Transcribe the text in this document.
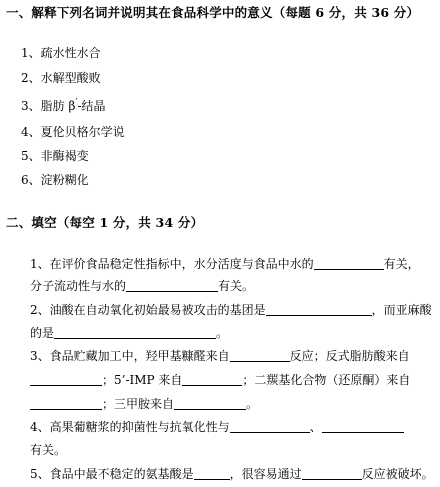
一、解释下列名词并说明其在食品科学中的意义（每题 6 分，共 36 分）
1、疏水性水合
2、水解型酸败
3、脂肪 β′-结晶
4、夏伦贝格尔学说
5、非酶褐变
6、淀粉糊化
二、填空（每空 1 分，共 34 分）
1、在评价食品稳定性指标中，水分活度与食品中水的	有关，
分子流动性与水的	有关。
2、油酸在自动氧化初始最易被攻击的基团是	，而亚麻酸
的是	。
3、食品贮藏加工中，羟甲基糠醛来自	反应；反式脂肪酸来自
；5’-IMP 来自	；二羰基化合物（还原酮）来自
；三甲胺来自	。
4、高果葡糖浆的抑菌性与抗氧化性与	、
有关。
5、食品中最不稳定的氨基酸是	，很容易通过	反应被破坏。
